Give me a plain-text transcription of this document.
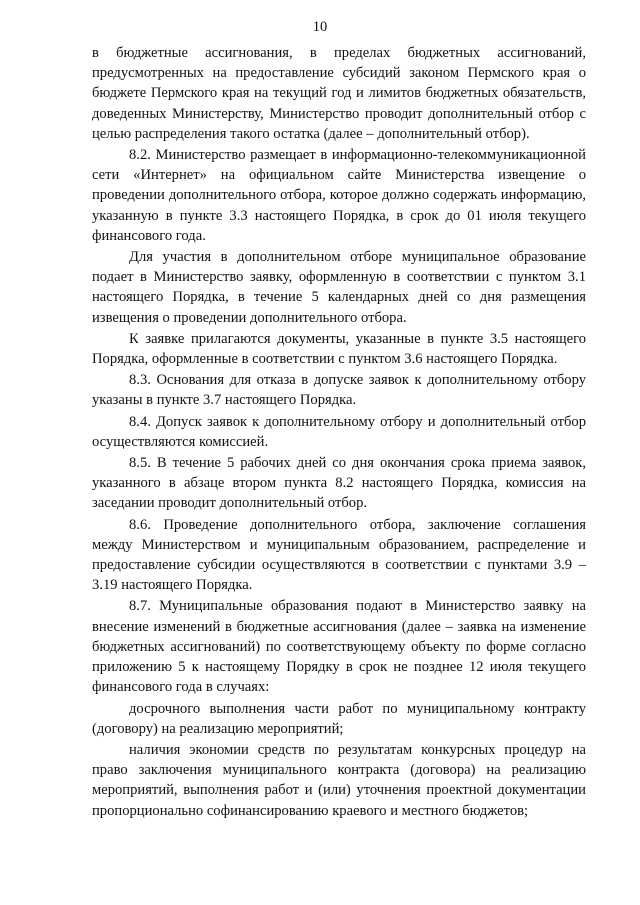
10

в бюджетные ассигнования, в пределах бюджетных ассигнований, предусмотренных на предоставление субсидий законом Пермского края о бюджете Пермского края на текущий год и лимитов бюджетных обязательств, доведенных Министерству, Министерство проводит дополнительный отбор с целью распределения такого остатка (далее – дополнительный отбор).

8.2. Министерство размещает в информационно-телекоммуникационной сети «Интернет» на официальном сайте Министерства извещение о проведении дополнительного отбора, которое должно содержать информацию, указанную в пункте 3.3 настоящего Порядка, в срок до 01 июля текущего финансового года.

Для участия в дополнительном отборе муниципальное образование подает в Министерство заявку, оформленную в соответствии с пунктом 3.1 настоящего Порядка, в течение 5 календарных дней со дня размещения извещения о проведении дополнительного отбора.

К заявке прилагаются документы, указанные в пункте 3.5 настоящего Порядка, оформленные в соответствии с пунктом 3.6 настоящего Порядка.

8.3. Основания для отказа в допуске заявок к дополнительному отбору указаны в пункте 3.7 настоящего Порядка.

8.4. Допуск заявок к дополнительному отбору и дополнительный отбор осуществляются комиссией.

8.5. В течение 5 рабочих дней со дня окончания срока приема заявок, указанного в абзаце втором пункта 8.2 настоящего Порядка, комиссия на заседании проводит дополнительный отбор.

8.6. Проведение дополнительного отбора, заключение соглашения между Министерством и муниципальным образованием, распределение и предоставление субсидии осуществляются в соответствии с пунктами 3.9 – 3.19 настоящего Порядка.

8.7. Муниципальные образования подают в Министерство заявку на внесение изменений в бюджетные ассигнования (далее – заявка на изменение бюджетных ассигнований) по соответствующему объекту по форме согласно приложению 5 к настоящему Порядку в срок не позднее 12 июля текущего финансового года в случаях:

досрочного выполнения части работ по муниципальному контракту (договору) на реализацию мероприятий;

наличия экономии средств по результатам конкурсных процедур на право заключения муниципального контракта (договора) на реализацию мероприятий, выполнения работ и (или) уточнения проектной документации пропорционально софинансированию краевого и местного бюджетов;
